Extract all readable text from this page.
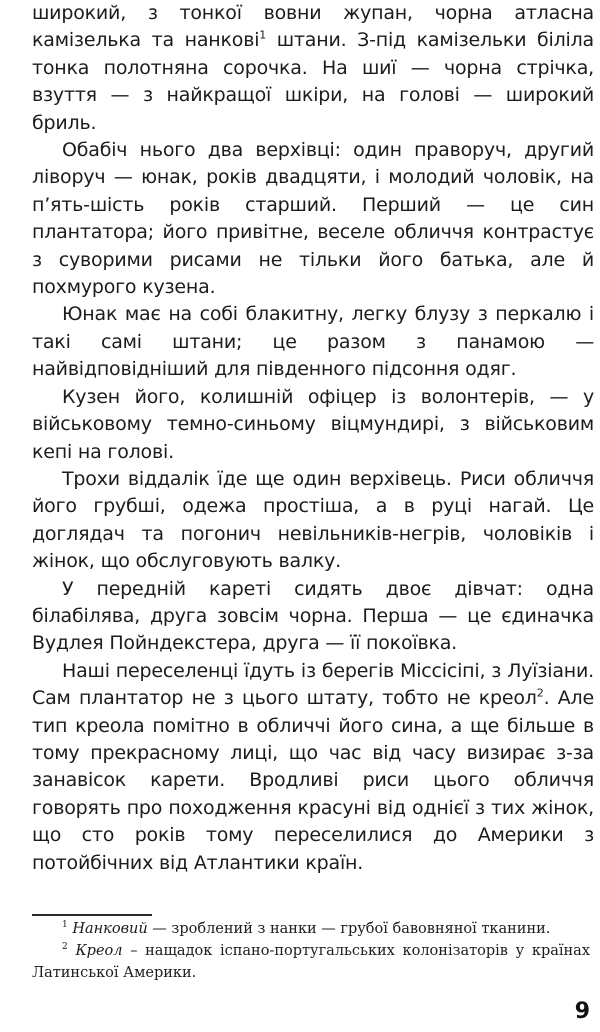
широкий, з тонкої вовни жупан, чорна атласна камізелька та нанкові$^1$ штани. З-під камізельки біліла тонка полотняна сорочка. На шиї — чорна стрічка, взуття — з найкращої шкіри, на голові — широкий бриль.

Обабіч нього два верхівці: один праворуч, другий ліворуч — юнак, років двадцяти, і молодий чоловік, на п’ять-шість років старший. Перший — це син плантатора; його привітне, веселе обличчя контрастує з суворими рисами не тільки його батька, але й похмурого кузена.

Юнак має на собі блакитну, легку блузу з перкалю і такі самі штани; це разом з панамою — найвідповідніший для південного підсоння одяг.

Кузен його, колишній офіцер із волонтерів, — у військовому темно-синьому віцмундирі, з військовим кепі на голові.

Трохи віддалік їде ще один верхівець. Риси обличчя його грубші, одежа простіша, а в руці нагай. Це доглядач та погонич невільників-негрів, чоловіків і жінок, що обслуговують валку.

У передній кареті сидять двоє дівчат: одна білабілява, друга зовсім чорна. Перша — це єдиначка Вудлея Пойндекстера, друга — її покоївка.

Наші переселенці їдуть із берегів Міссісіпі, з Луїзіани. Сам плантатор не з цього штату, тобто не креол$^2$. Але тип креола помітно в обличчі його сина, а ще більше в тому прекрасному лиці, що час від часу визирає з-за занавісок карети. Вродливі риси цього обличчя говорять про походження красуні від однієї з тих жінок, що сто років тому переселилися до Америки з потойбічних від Атлантики країн.

$^1$ Нанковий — зроблений з нанки — грубої бавовняної тканини.

$^2$ Креол – нащадок іспано-португальських колонізаторів у країнах Латинської Америки.

9
